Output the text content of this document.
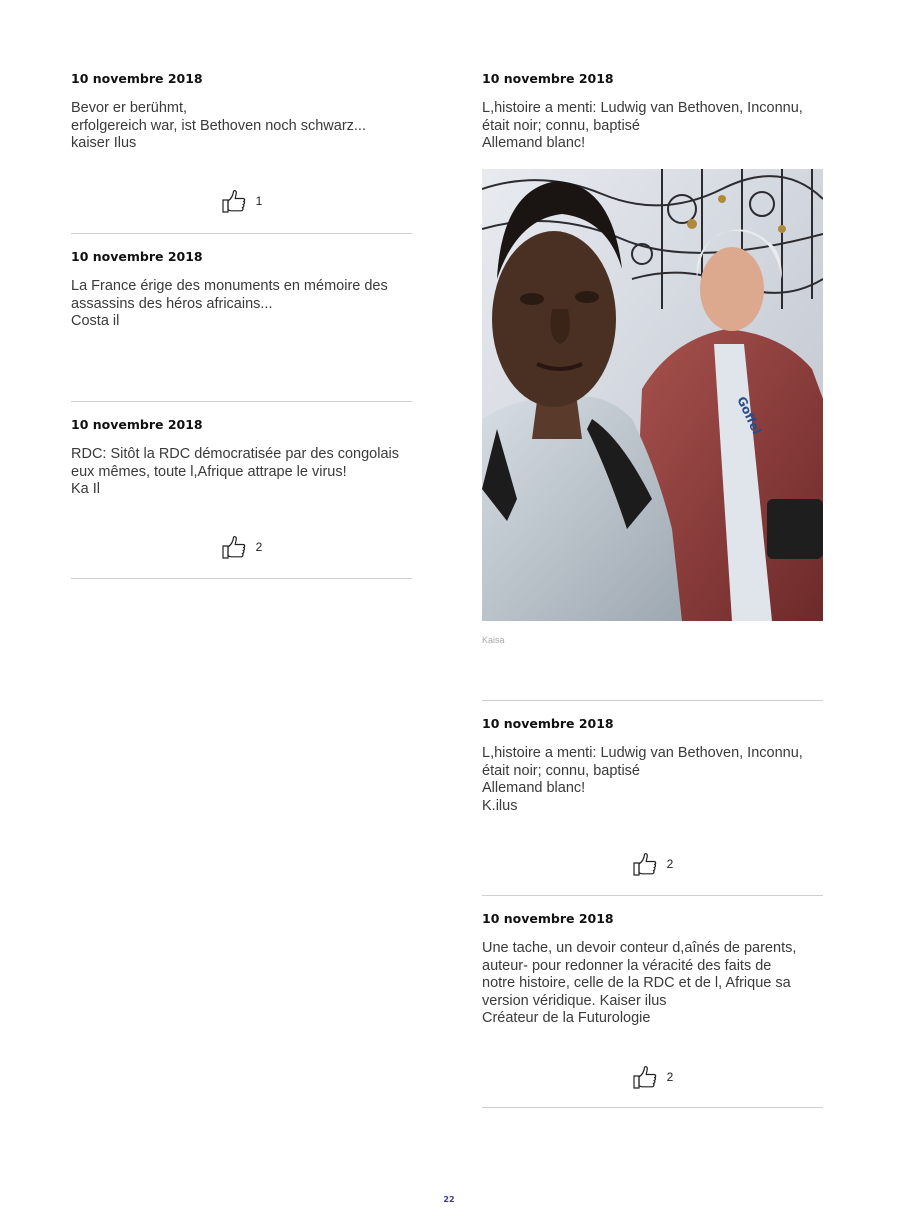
10 novembre 2018

Bevor er berühmt,
erfolgereich war, ist Bethoven noch schwarz...
kaiser Ilus

1

10 novembre 2018

La France érige des monuments en mémoire des
assassins des héros africains...
Costa il

10 novembre 2018

RDC: Sitôt la RDC démocratisée par des congolais
eux mêmes, toute l,Afrique attrape le virus!
Ka Il

2

10 novembre 2018

L,histoire a menti: Ludwig van Bethoven, Inconnu,
était noir; connu, baptisé
Allemand blanc!

Goffel
Kaisa

10 novembre 2018

L,histoire a menti: Ludwig van Bethoven, Inconnu,
était noir; connu, baptisé
Allemand blanc!
K.ilus

2

10 novembre 2018

Une tache, un devoir conteur d,aînés de parents,
auteur- pour redonner la véracité des faits de
notre histoire, celle de la RDC et de l, Afrique sa
version véridique. Kaiser ilus
Créateur de la Futurologie

2
22
